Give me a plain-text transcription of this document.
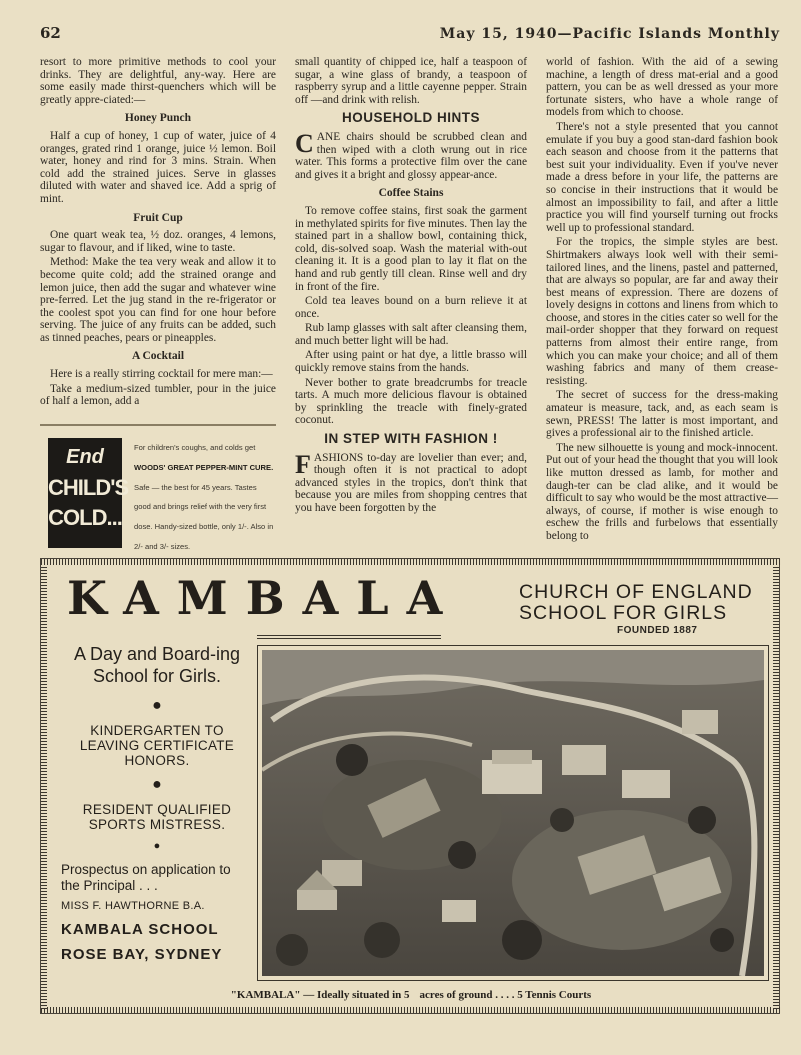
62	May 15, 1940—Pacific Islands Monthly

resort to more primitive methods to cool your drinks. They are delightful, any-way. Here are some easily made thirst-quenchers which will be greatly appre-ciated:—

Honey Punch

Half a cup of honey, 1 cup of water, juice of 4 oranges, grated rind 1 orange, juice ½ lemon. Boil water, honey and rind for 3 mins. Strain. When cold add the strained juices. Serve in glasses diluted with water and shaved ice. Add a sprig of mint.

Fruit Cup

One quart weak tea, ½ doz. oranges, 4 lemons, sugar to flavour, and if liked, wine to taste.

Method: Make the tea very weak and allow it to become quite cold; add the strained orange and lemon juice, then add the sugar and whatever wine pre-ferred. Let the jug stand in the re-frigerator or the coolest spot you can find for one hour before serving. The juice of any fruits can be added, such as tinned peaches, pears or pineapples.

A Cocktail

Here is a really stirring cocktail for mere man:—

Take a medium-sized tumbler, pour in the juice of half a lemon, add a

End
CHILD'S
COLD...
For children's coughs, and colds get WOODS' GREAT PEPPER-MINT CURE. Safe — the best for 45 years. Tastes good and brings relief with the very first dose. Handy-sized bottle, only 1/-. Also in 2/- and 3/- sizes.

small quantity of chipped ice, half a teaspoon of sugar, a wine glass of brandy, a teaspoon of raspberry syrup and a little cayenne pepper. Strain off —and drink with relish.

HOUSEHOLD HINTS

CANE chairs should be scrubbed clean and then wiped with a cloth wrung out in rice water. This forms a protective film over the cane and gives it a bright and glossy appear-ance.

Coffee Stains

To remove coffee stains, first soak the garment in methylated spirits for five minutes. Then lay the stained part in a shallow bowl, containing thick, cold, dis-solved soap. Wash the material with-out cleaning it. It is a good plan to lay it flat on the hand and rub gently till clean. Rinse well and dry in front of the fire.

Cold tea leaves bound on a burn relieve it at once.

Rub lamp glasses with salt after cleansing them, and much better light will be had.

After using paint or hat dye, a little brasso will quickly remove stains from the hands.

Never bother to grate breadcrumbs for treacle tarts. A much more delicious flavour is obtained by sprinkling the treacle with finely-grated coconut.

IN STEP WITH FASHION !

FASHIONS to-day are lovelier than ever; and, though often it is not practical to adopt advanced styles in the tropics, don't think that because you are miles from shopping centres that you have been forgotten by the

world of fashion. With the aid of a sewing machine, a length of dress mat-erial and a good pattern, you can be as well dressed as your more fortunate sisters, who have a whole range of models from which to choose.

There's not a style presented that you cannot emulate if you buy a good stan-dard fashion book each season and choose from it the patterns that best suit your individuality. Even if you've never made a dress before in your life, the patterns are so concise in their instructions that it would be almost an impossibility to fail, and after a little practice you will find yourself turning out frocks well up to professional standard.

For the tropics, the simple styles are best. Shirtmakers always look well with their semi-tailored lines, and the linens, pastel and patterned, that are always so popular, are far and away their best means of expression. There are dozens of lovely designs in cottons and linens from which to choose, and stores in the cities cater so well for the mail-order shopper that they forward on request patterns from almost their entire range, from which you can make your choice; and all of them washing fabrics and many of them crease-resisting.

The secret of success for the dress-making amateur is measure, tack, and, as each seam is sewn, PRESS! The latter is most important, and gives a professional air to the finished article.

The new silhouette is young and mock-innocent. Put out of your head the thought that you will look like mutton dressed as lamb, for mother and daugh-ter can be clad alike, and it would be difficult to say who would be the most attractive—always, of course, if mother is wise enough to eschew the frills and furbelows that essentially belong to

KAMBALA	CHURCH OF ENGLAND
SCHOOL FOR GIRLS
FOUNDED 1887
A Day and Board-ing School for Girls.
●
KINDERGARTEN TO LEAVING CERTIFICATE HONORS.
●
RESIDENT QUALIFIED SPORTS MISTRESS.
●
Prospectus on application to the Principal . . .
MISS F. HAWTHORNE B.A.
KAMBALA SCHOOL
ROSE BAY, SYDNEY
"KAMBALA" — Ideally situated in 5 acres of ground . . . . 5 Tennis Courts
